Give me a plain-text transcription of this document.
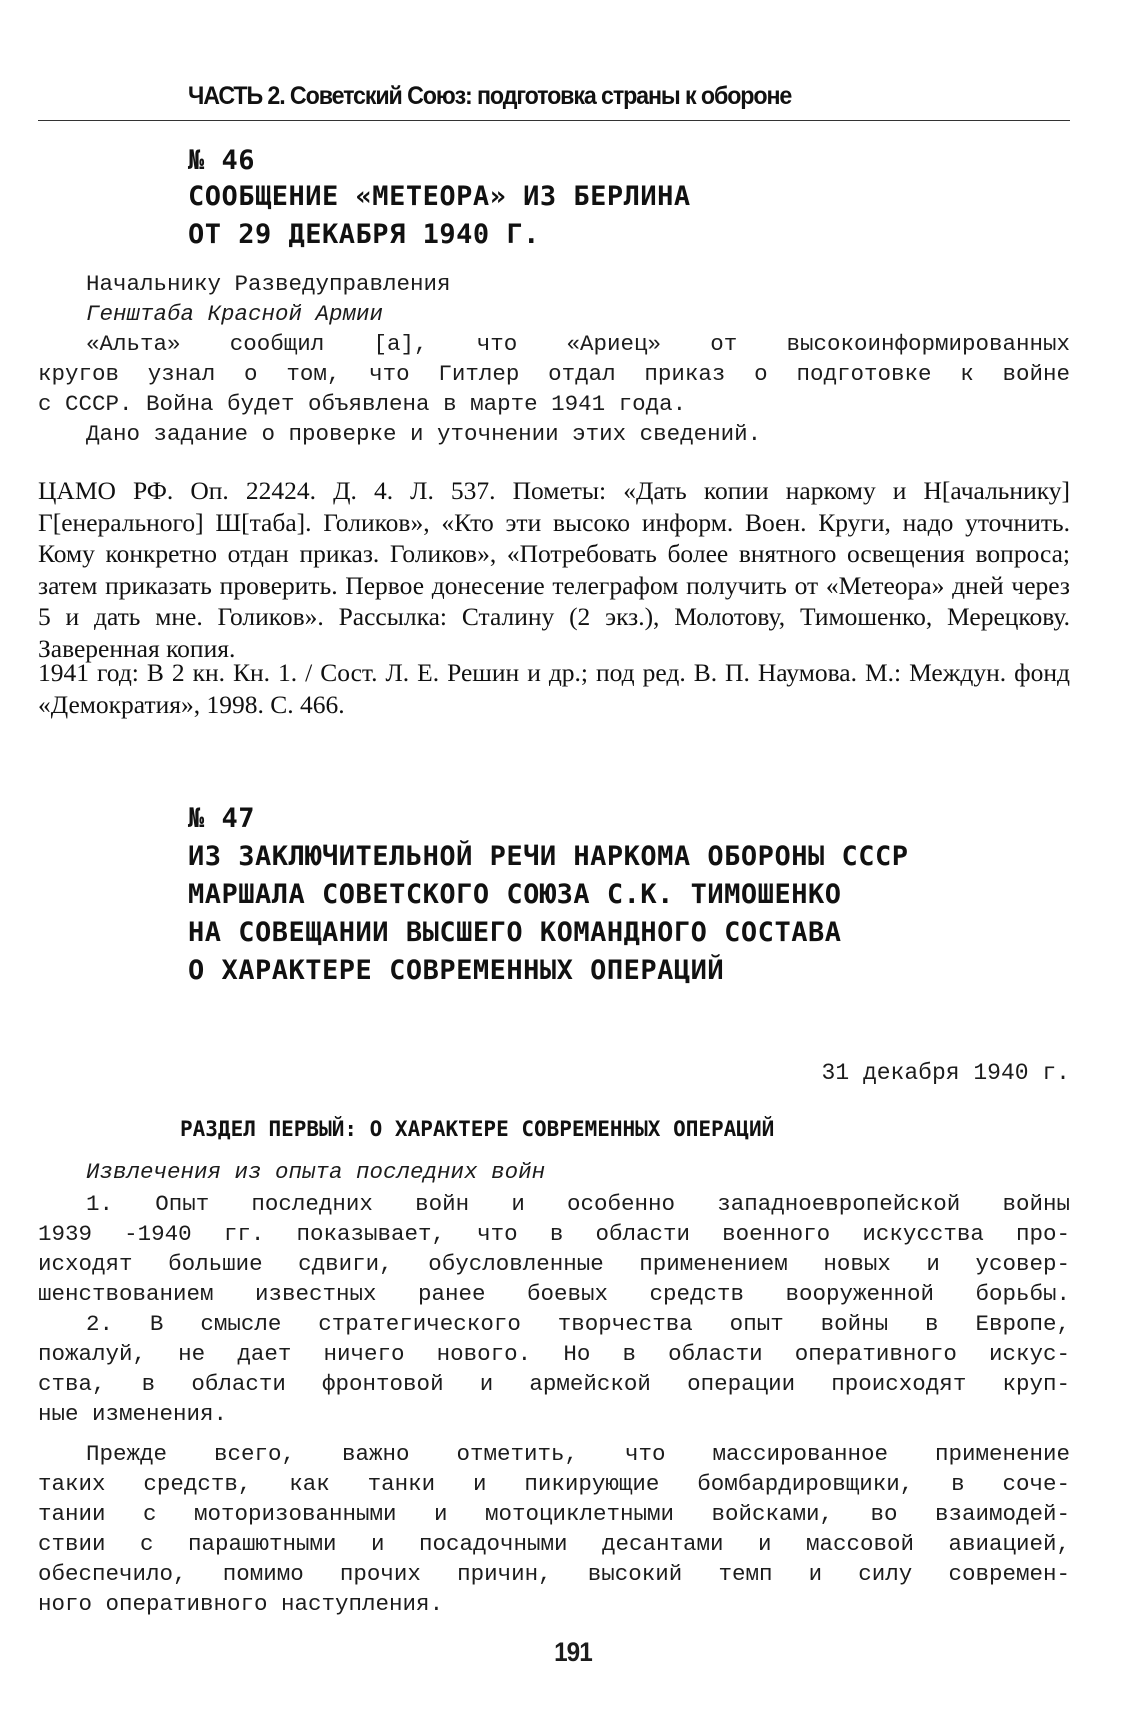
ЧАСТЬ 2. Советский Союз: подготовка страны к обороне
№ 46
СООБЩЕНИЕ «МЕТЕОРА» ИЗ БЕРЛИНА
ОТ 29 ДЕКАБРЯ 1940 Г.
Начальнику Разведуправления
Генштаба Красной Армии
«Альта» сообщил [а], что «Ариец» от высокоинформированных
кругов узнал о том, что Гитлер отдал приказ о подготовке к войне
с СССР. Война будет объявлена в марте 1941 года.
Дано задание о проверке и уточнении этих сведений.
ЦАМО РФ. Оп. 22424. Д. 4. Л. 537. Пометы: «Дать копии наркому и Н[ачальнику] Г[енерального] Ш[таба]. Голиков», «Кто эти высоко информ. Воен. Круги, надо уточнить. Кому конкретно отдан приказ. Голиков», «Потребовать более внятного освещения вопроса; затем приказать проверить. Первое донесение телеграфом получить от «Метеора» дней через 5 и дать мне. Голиков». Рассылка: Сталину (2 экз.), Молотову, Тимошенко, Мерецкову. Заверенная копия.
1941 год: В 2 кн. Кн. 1. / Сост. Л. Е. Решин и др.; под ред. В. П. Наумова. М.: Междун. фонд «Демократия», 1998. С. 466.
№ 47
ИЗ ЗАКЛЮЧИТЕЛЬНОЙ РЕЧИ НАРКОМА ОБОРОНЫ СССР
МАРШАЛА СОВЕТСКОГО СОЮЗА С.К. ТИМОШЕНКО
НА СОВЕЩАНИИ ВЫСШЕГО КОМАНДНОГО СОСТАВА
О ХАРАКТЕРЕ СОВРЕМЕННЫХ ОПЕРАЦИЙ
31 декабря 1940 г.
РАЗДЕЛ ПЕРВЫЙ: О ХАРАКТЕРЕ СОВРЕМЕННЫХ ОПЕРАЦИЙ
Извлечения из опыта последних войн
1. Опыт последних войн и особенно западноевропейской войны
1939 -1940 гг. показывает, что в области военного искусства про-
исходят большие сдвиги, обусловленные применением новых и усовер-
шенствованием известных ранее боевых средств вооруженной борьбы.
2. В смысле стратегического творчества опыт войны в Европе,
пожалуй, не дает ничего нового. Но в области оперативного искус-
ства, в области фронтовой и армейской операции происходят круп-
ные изменения.
Прежде всего, важно отметить, что массированное применение
таких средств, как танки и пикирующие бомбардировщики, в соче-
тании с моторизованными и мотоциклетными войсками, во взаимодей-
ствии с парашютными и посадочными десантами и массовой авиацией,
обеспечило, помимо прочих причин, высокий темп и силу современ-
ного оперативного наступления.
191
